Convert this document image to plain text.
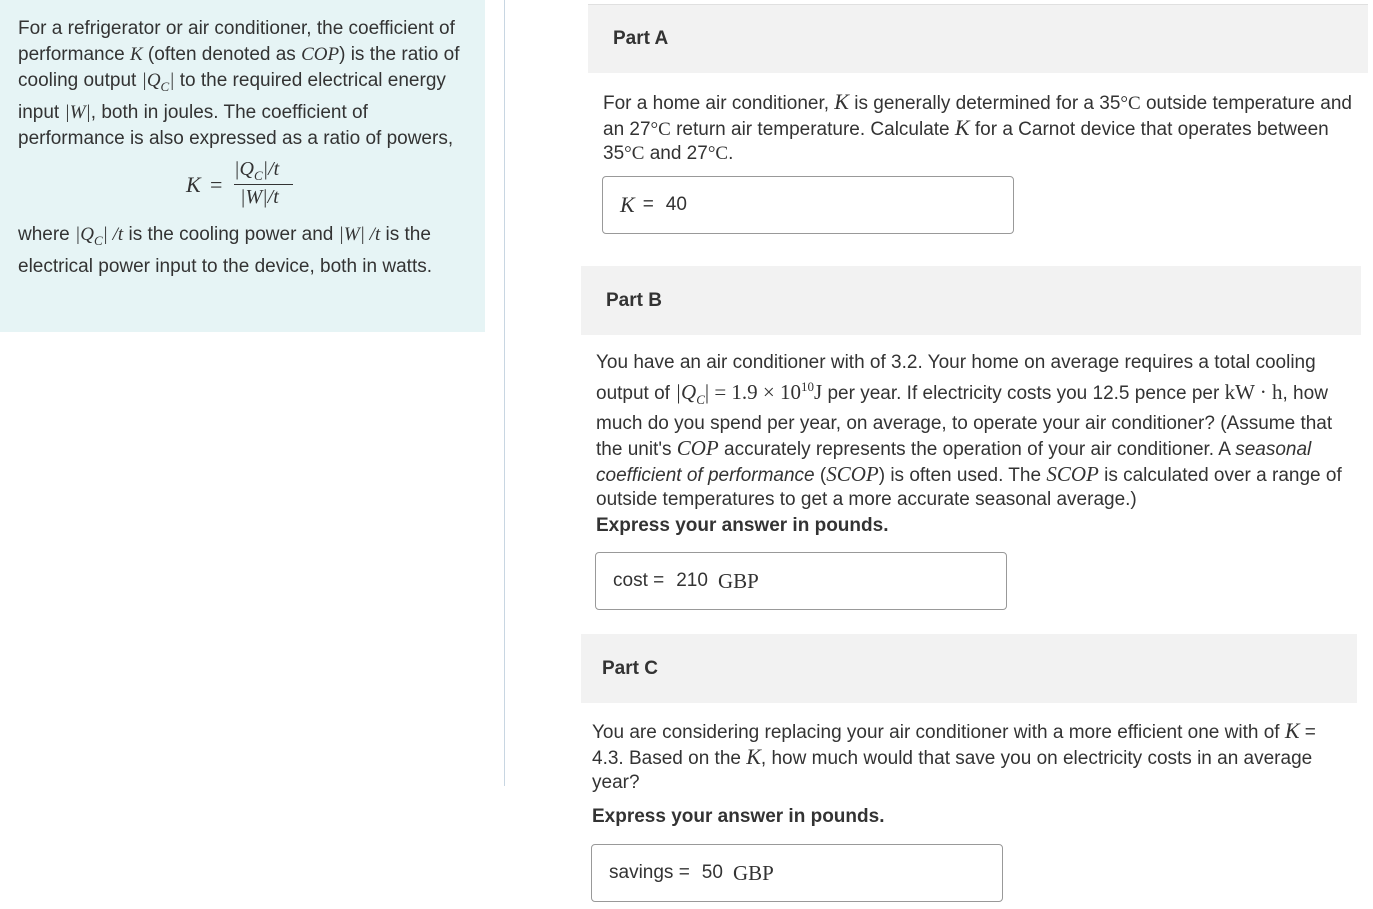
For a refrigerator or air conditioner, the coefficient of performance K (often denoted as COP) is the ratio of cooling output $|Q_C|$ to the required electrical energy input |W|, both in joules. The coefficient of performance is also expressed as a ratio of powers,

K =
$|Q_C|/t$
|W|/t

where $|Q_C|$ /t is the cooling power and |W| /t is the electrical power input to the device, both in watts.

Part A

For a home air conditioner, K is generally determined for a 35°C outside temperature and an 27°C return air temperature. Calculate K for a Carnot device that operates between 35°C and 27°C.

K = 40
Part B

You have an air conditioner with of 3.2. Your home on average requires a total cooling output of $|Q_C| = 1.9 \times 10^{10}J$ per year. If electricity costs you 12.5 pence per kW · h, how much do you spend per year, on average, to operate your air conditioner? (Assume that the unit's COP accurately represents the operation of your air conditioner. A seasonal coefficient of performance (SCOP) is often used. The SCOP is calculated over a range of outside temperatures to get a more accurate seasonal average.)

Express your answer in pounds.
cost = 210 GBP
Part C

You are considering replacing your air conditioner with a more efficient one with of K = 4.3. Based on the K, how much would that save you on electricity costs in an average year?

Express your answer in pounds.
savings = 50 GBP
